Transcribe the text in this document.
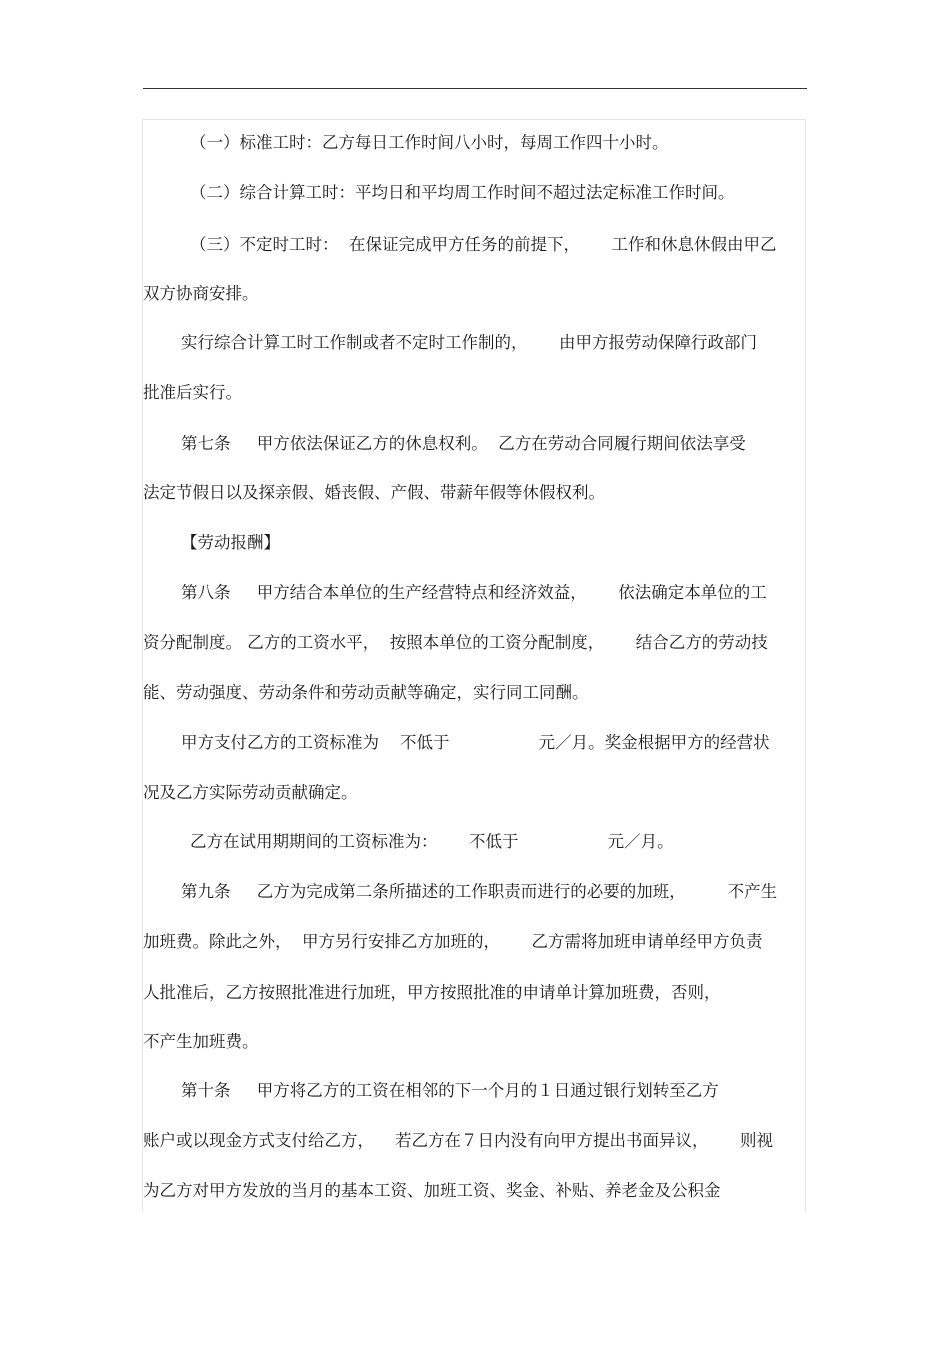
（一）标准工时：乙方每日工作时间八小时，每周工作四十小时。
（二）综合计算工时：平均日和平均周工作时间不超过法定标准工作时间。
（三）不定时工时：  在保证完成甲方任务的前提下，      工作和休息休假由甲乙
双方协商安排。
实行综合计算工时工作制或者不定时工作制的，      由甲方报劳动保障行政部门
批准后实行。
第七条     甲方依法保证乙方的休息权利。  乙方在劳动合同履行期间依法享受
法定节假日以及探亲假、婚丧假、产假、带薪年假等休假权利。
【劳动报酬】
第八条     甲方结合本单位的生产经营特点和经济效益，      依法确定本单位的工
资分配制度。 乙方的工资水平，  按照本单位的工资分配制度，      结合乙方的劳动技
能、劳动强度、劳动条件和劳动贡献等确定，实行同工同酬。
甲方支付乙方的工资标准为    不低于                 元／月。奖金根据甲方的经营状
况及乙方实际劳动贡献确定。
乙方在试用期期间的工资标准为：      不低于                 元／月。
第九条     乙方为完成第二条所描述的工作职责而进行的必要的加班，        不产生
加班费。除此之外，  甲方另行安排乙方加班的，      乙方需将加班申请单经甲方负责
人批准后，乙方按照批准进行加班，甲方按照批准的申请单计算加班费，否则，
不产生加班费。
第十条     甲方将乙方的工资在相邻的下一个月的１日通过银行划转至乙方
账户或以现金方式支付给乙方，    若乙方在７日内没有向甲方提出书面异议，      则视
为乙方对甲方发放的当月的基本工资、加班工资、奖金、补贴、养老金及公积金
